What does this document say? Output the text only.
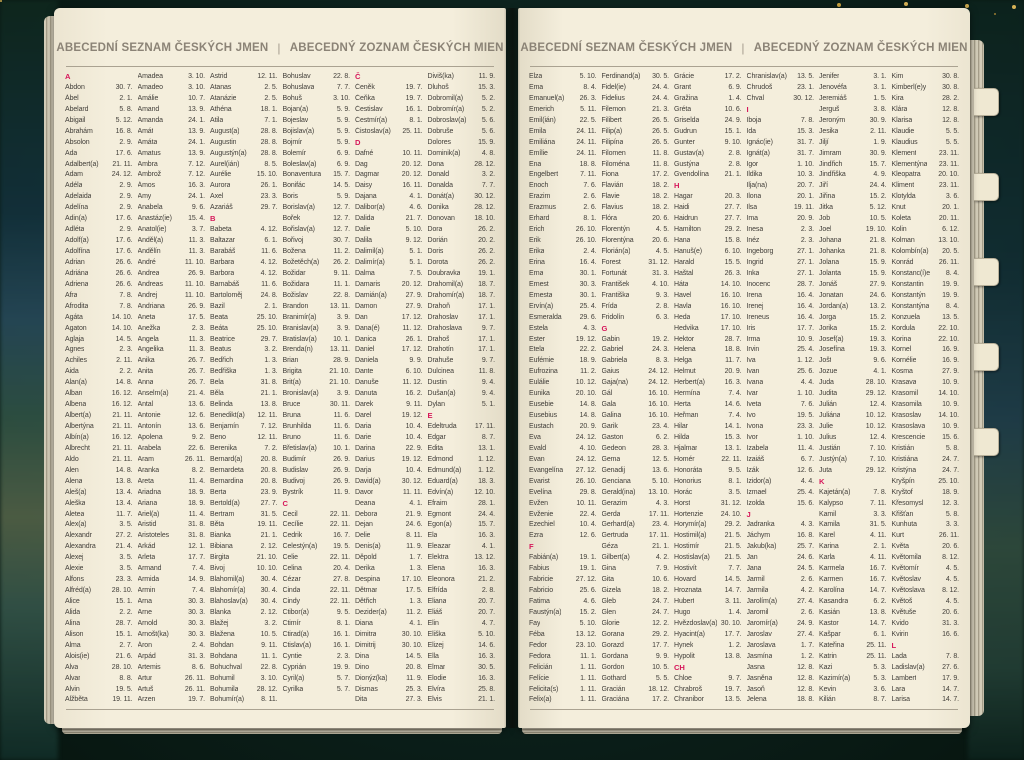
ABECEDNÍ SEZNAM ČESKÝCH JMEN | ABECEDNÝ ZOZNAM ČESKÝCH MIEN
A
Abdon	30. 7.
Ábel	2. 1.
Abelard	5. 8.
Abigail	5. 12.
Abrahám	16. 8.
Absolon	2. 9.
Ada	17. 6.
Adalbert(a) 21. 11.
Adam	24. 12.
Adéla	2. 9.
Adelaida	2. 9.
Adelína	2. 9.
Adin(a)	17. 6.
Adléta	2. 9.
Adolf(a)	17. 6.
Adolfína	17. 6.
Adrian	26. 6.
Adriána	26. 6.
Adriena	26. 6.
Afra	7. 8.
Afrodita	7. 8.
Agáta	14. 10.
Agaton	14. 10.
Aglaja	14. 5.
Agnes	2. 3.
Achiles	2. 11.
Aida	2. 2.
Alan(a)	14. 8.
Alban	16. 12.
Albena	16. 12.
Albert(a)	21. 11.
Albertýna	21. 11.
Albín(a)	16. 12.
Albrecht	21. 11.
Aldo	21. 11.
Alen	14. 8.
Alena	13. 8.
Aleš(a)	13. 4.
Aleška	13. 4.
Aletea	11. 7.
Alex(a)	3. 5.
Alexandr	27. 2.
Alexandra	21. 4.
Alexej	3. 5.
Alexie	3. 5.
Alfons	23. 3.
Alfréd(a)	28. 10.
Alice	15. 1.
Alida	2. 2.
Alina	28. 7.
Alison	15. 1.
Alma	2. 7.
Alois(ie)	21. 6.
Alva	28. 10.
Alvar	8. 8.
Alvin	19. 5.
Alžběta	19. 11.
Amadea	3. 10.
Amadeo	3. 10.
Amálie	10. 7.
Amand	13. 9.
Amanda	24. 1.
Amát	13. 9.
Amáta	24. 1.
Amatus	13. 9.
Ambra	7. 12.
Ambrož	7. 12.
Ámos	16. 3.
Amy	24. 1.
Anabela	9. 6.
Anastáz(ie) 15. 4.
Anatol(ie)	3. 7.
Anděl(a)	11. 3.
Andělín	11. 3.
André	11. 10.
Andrea	26. 9.
Andreas	11. 10.
Andrej	11. 10.
Andriana	26. 9.
Aneta	17. 5.
Anežka	2. 3.
Angela	11. 3.
Angelika	11. 3.
Anika	26. 7.
Anita	26. 7.
Anna	26. 7.
Anselm(a)	21. 4.
Antal	13. 6.
Antonie	12. 6.
Antonín	13. 6.
Apolena	9. 2.
Arabela	22. 6.
Aram	26. 11.
Aranka	8. 2.
Areta	11. 4.
Ariadna	18. 9.
Ariana	18. 9.
Ariel(a)	11. 4.
Aristid	31. 8.
Aristoteles	31. 8.
Arkád	12. 1.
Arleta	17. 7.
Armand	7. 4.
Armida	14. 9.
Armin	7. 4.
Arna	30. 3.
Arne	30. 3.
Arnold	30. 3.
Arnošt(ka)	30. 3.
Áron	2. 4.
Arpád	31. 3.
Artemis	8. 6.
Artur	26. 11.
Artuš	26. 11.
Arzen	19. 7.
Astrid	12. 11.
Atanas	2. 5.
Atanázie	2. 5.
Athéna	18. 1.
Atila	7. 1.
August(a)	28. 8.
Augustin	28. 8.
Augustýn(a) 28. 8.
Aurel(ián)	8. 5.
Aurélie	15. 10.
Aurora	26. 1.
Axel	23. 3.
Azariáš	29. 7.
B
Babeta	4. 12.
Baltazar	6. 1.
Barabáš	11. 6.
Barbara	4. 12.
Barbora	4. 12.
Barnabáš	11. 6.
Bartoloměj	24. 8.
Bazil	2. 1.
Beata	25. 10.
Beáta	25. 10.
Beatrice	29. 7.
Beatus	3. 2.
Bedřich	1. 3.
Bedřiška	1. 3.
Bela	31. 8.
Běla	21. 1.
Belinda	13. 8.
Benedikt(a) 12. 11.
Benjamín	7. 12.
Beno	12. 11.
Berenika	7. 2.
Bernard(a)	20. 8.
Bernardeta 20. 8.
Bernardina 20. 8.
Berta	23. 9.
Bertold(a)	27. 7.
Bertram	31. 5.
Běta	19. 11.
Bianka	21. 1.
Bibiana	2. 12.
Birgita	21. 10.
Bivoj	10. 10.
Blahomil(a) 30. 4.
Blahomír(a) 30. 4.
Blahoslav(a) 30. 4.
Blanka	2. 12.
Blažej	3. 2.
Blažena	10. 5.
Bohdan	9. 11.
Bohdana	11. 1.
Bohuchval	22. 8.
Bohumil	3. 10.
Bohumila	28. 12.
Bohumír(a) 8. 11.
Bohuslav	22. 8.
Bohuslava	7. 7.
Bohuš	3. 10.
Bojan(a)	5. 9.
Bojeslav	5. 9.
Bojislav(a)	5. 9.
Bojmír	5. 9.
Bolemír	6. 9.
Boleslav(a)	6. 9.
Bonaventura 15. 7.
Bonifác	14. 5.
Boris	5. 9.
Borislav(a)	12. 7.
Bořek	12. 7.
Bořislav(a)	12. 7.
Bořivoj	30. 7.
Božena	11. 2.
Božetěch(a) 26. 2.
Božidar	9. 11.
Božidara	11. 1.
Božislav	22. 8.
Brandon	13. 11.
Branimír(a)	3. 9.
Branislav(a)	3. 9.
Bratislav(a) 10. 1.
Brenda(n) 13. 11.
Brian	28. 9.
Brigita	21. 10.
Brit(a)	21. 10.
Bronislav(a)	3. 9.
Bruce	30. 11.
Bruna	11. 6.
Brunhilda	11. 6.
Bruno	11. 6.
Břetislav(a) 10. 1.
Budimír	26. 9.
Budislav	26. 9.
Budivoj	26. 9.
Bystrík	11. 9.
C
Cecil	22. 11.
Cecílie	22. 11.
Cedrik	16. 7.
Celestýn(a) 19. 5.
Celie	22. 11.
Celina	20. 4.
Cézar	27. 8.
Cinda	22. 11.
Cindy	22. 11.
Ctibor(a)	9. 5.
Ctimír	8. 1.
Ctirad(a)	16. 1.
Ctislav(a)	16. 1.
Cyntie	2. 3.
Cyprián	19. 9.
Cyril(a)	5. 7.
Cyrilka	5. 7.
Č
Čeněk	19. 7.
Čeňka	19. 7.
Čestislav	16. 1.
Čestmír(a)	8. 1.
Čistoslav(a) 25. 11.
D
Dafné	10. 11.
Dag	20. 12.
Dagmar	20. 12.
Daisy	16. 11.
Dajana	4. 1.
Dalibor(a)	4. 6.
Dalida	21. 7.
Dalie	5. 10.
Dalila	9. 12.
Dalimil(a)	5. 1.
Dalimír(a)	5. 1.
Dalma	7. 5.
Damaris	20. 12.
Damián(a)	27. 9.
Damon	27. 9.
Dan	17. 12.
Dana(é)	11. 12.
Danica	26. 1.
Daniel	17. 12.
Daniela	9. 9.
Dante	6. 10.
Danuše	11. 12.
Danuta	16. 2.
Darek	9. 11.
Darel	19. 12.
Daria	10. 4.
Darie	10. 4.
Darina	22. 9.
Darius	19. 12.
Darja	10. 4.
David(a)	30. 12.
Davor	11. 11.
Deana	4. 1.
Debora	21. 9.
Dejan	24. 6.
Delie	8. 11.
Denis(a)	11. 9.
Děpold	1. 7.
Derika	1. 3.
Despina	17. 10.
Dětmar	17. 5.
Dětřich	1. 3.
Dezider(a)	11. 2.
Diana	4. 1.
Dimitra	30. 10.
Dimitrij	30. 10.
Dina	14. 5.
Dino	20. 8.
Dionýz(ka)	11. 9.
Dismas	25. 3.
Dita	27. 3.
Diviš(ka)	11. 9.
Dluhoš	15. 3.
Dobromil(a)	5. 2.
Dobromír(a)	5. 2.
Dobroslav(a) 5. 6.
Dobruše	5. 6.
Dolores	15. 9.
Dominik(a)	4. 8.
Dona	28. 12.
Donald	3. 2.
Donalda	7. 7.
Donát(a)	30. 12.
Donika	28. 12.
Donovan	18. 10.
Dora	26. 2.
Dorián	20. 2.
Doris	26. 2.
Dorota	26. 2.
Doubravka	19. 1.
Drahomil(a) 18. 7.
Drahomír(a) 18. 7.
Drahoň	17. 1.
Drahoslav	17. 1.
Drahoslava	9. 7.
Drahoš	17. 1.
Drahotín	17. 1.
Drahuše	9. 7.
Dulcinea	11. 8.
Dustin	9. 4.
Dušan(a)	9. 4.
Dylan	5. 1.
E
Edeltruda	17. 11.
Edgar	8. 7.
Edita	13. 1.
Edmond	1. 12.
Edmund(a) 1. 12.
Eduard(a)	18. 3.
Edvín(a)	12. 10.
Efraim	28. 1.
Egmont	24. 4.
Egon(a)	15. 7.
Ela	16. 3.
Eleazar	4. 1.
Elektra	13. 12.
Elena	16. 3.
Eleonora	21. 2.
Elfrída	2. 8.
Eliana	20. 7.
Eliáš	20. 7.
Elin	4. 7.
Eliška	5. 10.
Elizej	14. 6.
Ella	16. 3.
Elmar	30. 5.
Elodie	16. 3.
Elvíra	25. 8.
Elvis	21. 1.
ABECEDNÍ SEZNAM ČESKÝCH JMEN | ABECEDNÝ ZOZNAM ČESKÝCH MIEN
Elza	5. 10.
Ema	8. 4.
Emanuel(a) 26. 3.
Emerich	5. 11.
Emil(ián)	22. 5.
Emila	24. 11.
Emiliána	24. 11.
Emílie	24. 11.
Ena	18. 8.
Engelbert	7. 11.
Enoch	7. 6.
Erazim	2. 6.
Erazmus	2. 6.
Erhard	8. 1.
Erich	26. 10.
Erik	26. 10.
Erika	2. 4.
Erina	16. 4.
Erna	30. 1.
Ernest	30. 3.
Ernesta	30. 1.
Ervín(a)	25. 4.
Esmeralda	29. 6.
Estela	4. 3.
Ester	19. 12.
Etela	22. 2.
Eufémie	18. 9.
Eufrozina	11. 2.
Eulálie	10. 12.
Eunika	20. 10.
Eusebie	14. 8.
Eusebius	14. 8.
Eustach	20. 9.
Eva	24. 12.
Evald	4. 10.
Evan	24. 12.
Evangelína 27. 12.
Evarist	26. 10.
Evelína	29. 8.
Evžen	10. 11.
Evženie	22. 4.
Ezechiel	10. 4.
Ezra	12. 6.
F
Fabián(a)	19. 1.
Fabius	19. 1.
Fabricie	27. 12.
Fabricio	25. 6.
Fatima	4. 6.
Faustýn(a)	15. 2.
Fay	5. 10.
Féba	13. 12.
Fedor	23. 10.
Fedora	11. 1.
Felicián	1. 11.
Felície	1. 11.
Felicita(s)	1. 11.
Felix(a)	1. 11.
Ferdinand(a) 30. 5.
Fidel(ie)	24. 4.
Fidelius	24. 4.
Filemon	21. 3.
Filibert	26. 5.
Filip(a)	26. 5.
Filipína	26. 5.
Filomen	11. 8.
Filoména	11. 8.
Fiona	17. 2.
Flavián	18. 2.
Flavie	18. 2.
Flavius	18. 2.
Flóra	20. 6.
Florentýn	4. 5.
Florentýna	20. 6.
Florián(a)	4. 5.
Forest	31. 12.
Fortunát	31. 3.
František	4. 10.
Františka	9. 3.
Frída	2. 8.
Fridolín	6. 3.
G
Gabin	19. 2.
Gabriel	24. 3.
Gabriela	8. 3.
Gaius	24. 12.
Gaja(na)	24. 12.
Gál	16. 10.
Gala	16. 10.
Galina	16. 10.
Garik	23. 4.
Gaston	6. 2.
Gedeon	28. 3.
Gema	12. 5.
Genadij	13. 6.
Genciana	5. 10.
Gerald(ina) 13. 10.
Gerazim	4. 3.
Gerda	17. 11.
Gerhard(a) 23. 4.
Gertruda	17. 11.
Géza	21. 1.
Gilbert(a)	4. 2.
Gina	7. 9.
Gita	10. 6.
Gizela	18. 2.
Gleb	24. 7.
Glen	24. 7.
Glorie	12. 2.
Gorana	29. 2.
Gorazd	17. 7.
Gordana	9. 9.
Gordon	10. 5.
Gothard	5. 5.
Gracián	18. 12.
Graciána	17. 2.
Grácie	17. 2.
Grant	6. 9.
Gražina	1. 4.
Gréta	10. 6.
Griselda	24. 9.
Gudrun	15. 1.
Gunter	9. 10.
Gustav(a)	2. 8.
Gustýna	2. 8.
Gvendolína 21. 1.
H
Hagar	20. 3.
Haidi	27. 7.
Haidrun	27. 7.
Hamilton	29. 2.
Hana	15. 8.
Hanuš(e)	6. 10.
Harald	15. 5.
Haštal	26. 3.
Háta	14. 10.
Havel	16. 10.
Havla	16. 10.
Heda	17. 10.
Hedvika	17. 10.
Hektor	28. 7.
Helena	18. 8.
Helga	11. 7.
Helmut	20. 9.
Herbert(a)	16. 3.
Hermína	7. 4.
Herta	14. 6.
Heřman	7. 4.
Hilar	14. 1.
Hilda	15. 3.
Hjalmar	13. 1.
Homér	22. 11.
Honoráta	9. 5.
Honorius	8. 1.
Horác	3. 5.
Horst	31. 12.
Hortenzie	24. 10.
Horymír(a)	29. 2.
Hostimil(a)	21. 5.
Hostimír	21. 5.
Hostislav(a) 21. 5.
Hostivít	7. 7.
Hovard	14. 5.
Hroznata	14. 7.
Hubert	3. 11.
Hugo	1. 4.
Hvězdoslav(a) 30. 10.
Hyacint(a)	17. 7.
Hynek	1. 2.
Hypolit	13. 8.
CH
Chloe	9. 7.
Chrabroš	19. 7.
Chranibor	13. 5.
Chranislav(a) 13. 5.
Chrudoš	23. 1.
Chval	30. 12.
I
Iboja	7. 8.
Ida	15. 3.
Ignác(ie)	31. 7.
Ignát(a)	31. 7.
Igor	1. 10.
Ildika	10. 3.
Ilja(na)	20. 7.
Ilona	20. 1.
Ilsa	19. 11.
Ima	20. 9.
Inesa	2. 3.
Inéz	2. 3.
Ingeborg	27. 1.
Ingrid	27. 1.
Inka	27. 1.
Inocenc	28. 7.
Irena	16. 4.
Irenej	16. 4.
Ireneus	16. 4.
Iris	17. 7.
Irma	10. 9.
Irvin	25. 4.
Iva	1. 12.
Ivan	25. 6.
Ivana	4. 4.
Ivar	1. 10.
Iveta	7. 6.
Ivo	19. 5.
Ivona	23. 3.
Ivor	1. 10.
Izabela	11. 4.
Izaiáš	6. 7.
Izák	12. 6.
Izidor(a)	4. 4.
Izmael	25. 4.
Izolda	15. 6.
J
Jadranka	4. 3.
Jáchym	16. 8.
Jakub(ka)	25. 7.
Jan	24. 6.
Jana	24. 5.
Jarmil	2. 6.
Jarmila	4. 2.
Jarolím(a)	27. 4.
Jaromil	2. 6.
Jaromír(a)	24. 9.
Jaroslav	27. 4.
Jaroslava	1. 7.
Jasmína	1. 2.
Jasna	12. 8.
Jasněna	12. 8.
Jasoň	12. 8.
Jelena	18. 8.
Jenifer	3. 1.
Jenovéfa	3. 1.
Jeremiáš	1. 5.
Jerguš	3. 8.
Jeroným	30. 9.
Jesika	2. 11.
Jiljí	1. 9.
Jimram	30. 9.
Jindřich	15. 7.
Jindřiška	4. 9.
Jiří	24. 4.
Jiřina	15. 2.
Jitka	5. 12.
Job	10. 5.
Joel	19. 10.
Johana	21. 8.
Johanka	21. 8.
Jolana	15. 9.
Jolanta	15. 9.
Jonáš	27. 9.
Jonatan	24. 6.
Jordan(a)	13. 2.
Jorga	15. 2.
Jorika	15. 2.
Josef(a)	19. 3.
Josefína	19. 3.
Jošt	9. 6.
Jozue	4. 1.
Juda	28. 10.
Judita	29. 12.
Julián	12. 4.
Juliána	10. 12.
Julie	10. 12.
Julius	12. 4.
Justián	7. 10.
Justýn(a)	7. 10.
Juta	29. 12.
K
Kajetán(a)	7. 8.
Kalypso	7. 11.
Kamil	3. 3.
Kamila	31. 5.
Karel	4. 11.
Karina	2. 1.
Karla	4. 11.
Karmela	16. 7.
Karmen	16. 7.
Karolína	14. 7.
Kasandra	6. 2.
Kasián	13. 8.
Kastor	14. 7.
Kašpar	6. 1.
Kateřina	25. 11.
Katrin	25. 11.
Kazi	5. 3.
Kazimír(a)	5. 3.
Kevin	3. 6.
Kilián	8. 7.
Kim	30. 8.
Kimberl(e)y 30. 8.
Kira	28. 2.
Klára	12. 8.
Klarisa	12. 8.
Klaudie	5. 5.
Klaudius	5. 5.
Klement	23. 11.
Klementýna 23. 11.
Kleopatra	20. 10.
Kliment	23. 11.
Klotylda	3. 6.
Knut	20. 1.
Koleta	20. 11.
Kolin	6. 12.
Kolman	13. 10.
Kolombín(a) 20. 5.
Konrád	26. 11.
Konstanc(í)e 8. 4.
Konstantin	19. 9.
Konstantýn 19. 9.
Konstantýna 8. 4.
Konzuela	13. 5.
Kordula	22. 10.
Korina	22. 10.
Kornel	16. 9.
Kornélie	16. 9.
Kosma	27. 9.
Krasava	10. 9.
Krasomil	14. 10.
Krasomila	10. 9.
Krasoslav 14. 10.
Krasoslava 10. 9.
Krescencie 15. 6.
Kristián	5. 8.
Kristiána	24. 7.
Kristýna	24. 7.
Kryšpín	25. 10.
Kryštof	18. 9.
Křesomysl	12. 3.
Křišťan	5. 8.
Kunhuta	3. 3.
Kurt	26. 11.
Květa	20. 6.
Květomila	8. 12.
Květomír	4. 5.
Květoslav	4. 5.
Květoslava 8. 12.
Květoš	4. 5.
Květuše	20. 6.
Kvido	31. 3.
Kvirin	16. 6.
L
Lada	7. 8.
Ladislav(a) 27. 6.
Lambert	17. 9.
Lara	14. 7.
Larisa	14. 7.
